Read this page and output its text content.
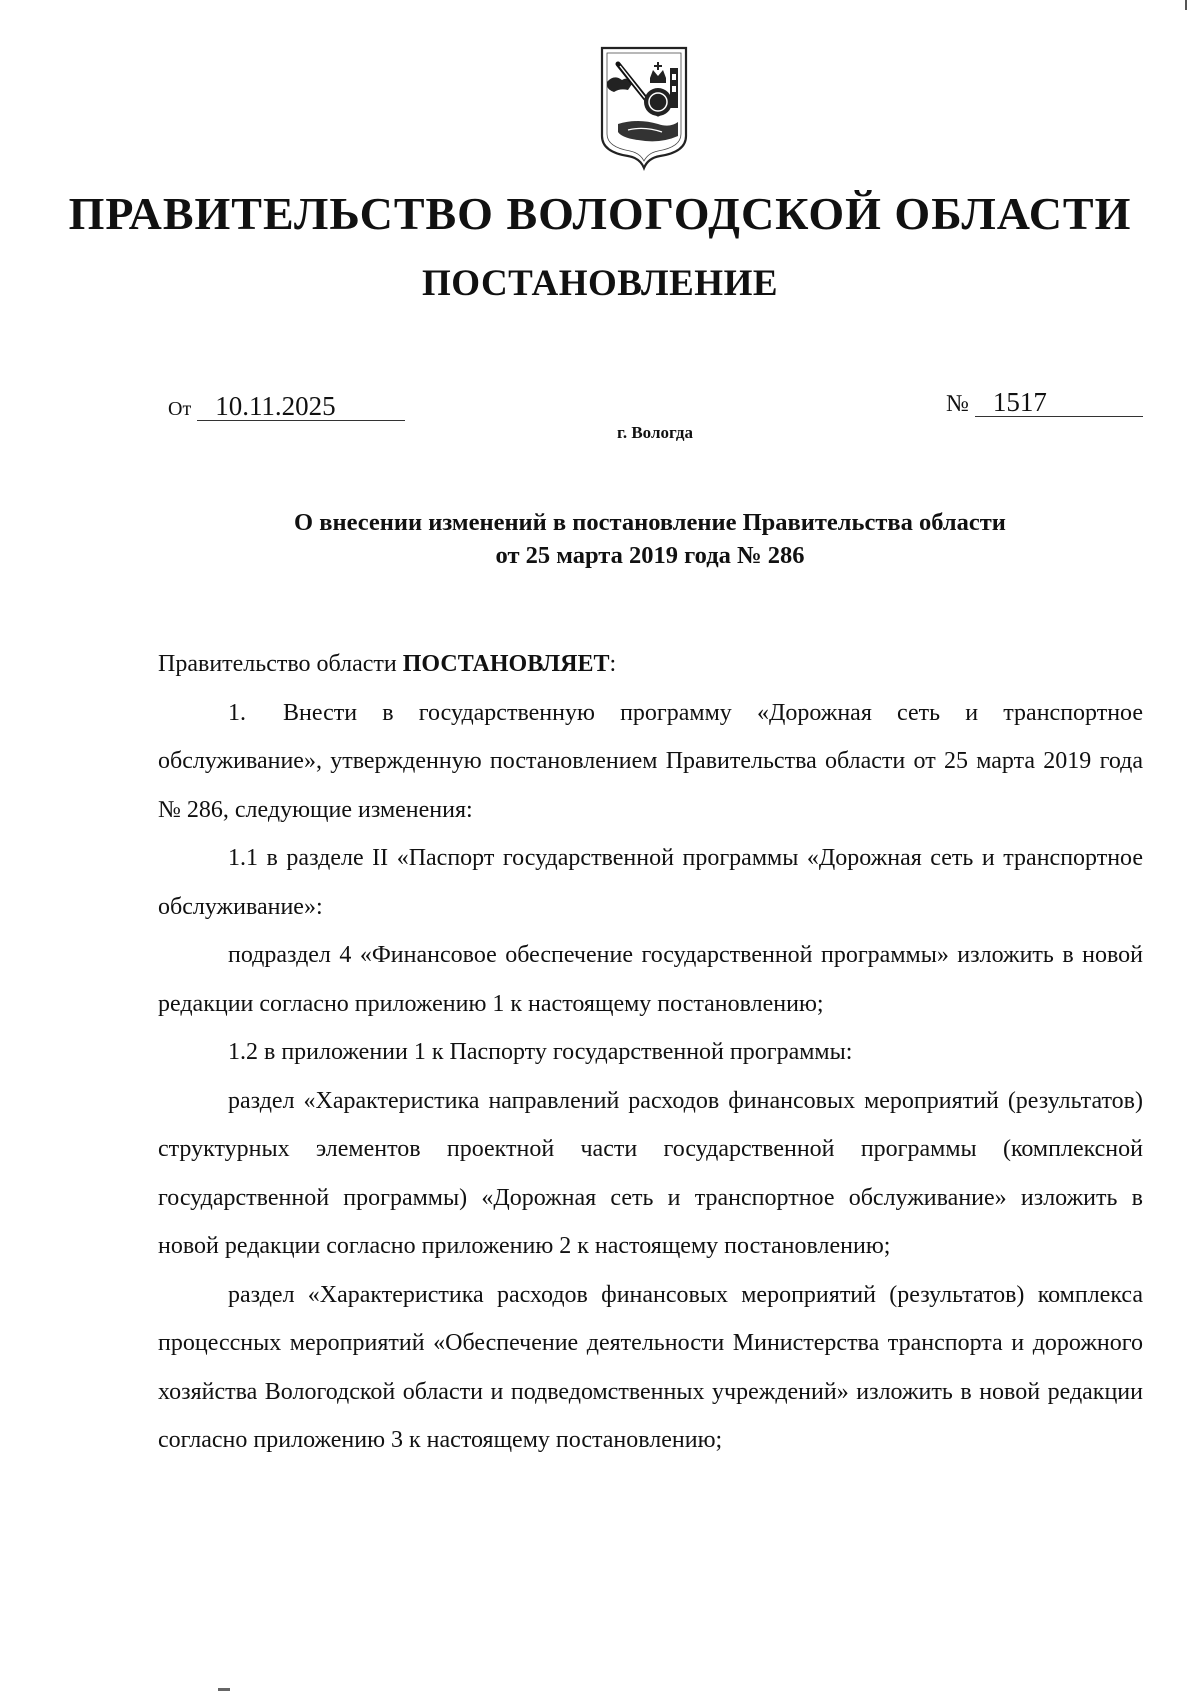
ПРАВИТЕЛЬСТВО ВОЛОГОДСКОЙ ОБЛАСТИ
ПОСТАНОВЛЕНИЕ
От 10.11.2025	№ 1517
г. Вологда
О внесении изменений в постановление Правительства области
от 25 марта 2019 года № 286

Правительство области ПОСТАНОВЛЯЕТ:

1. Внести в государственную программу «Дорожная сеть и транспортное обслуживание», утвержденную постановлением Правительства области от 25 марта 2019 года № 286, следующие изменения:

1.1 в разделе II «Паспорт государственной программы «Дорожная сеть и транспортное обслуживание»:

подраздел 4 «Финансовое обеспечение государственной программы» изложить в новой редакции согласно приложению 1 к настоящему постановлению;

1.2 в приложении 1 к Паспорту государственной программы:

раздел «Характеристика направлений расходов финансовых мероприятий (результатов) структурных элементов проектной части государственной программы (комплексной государственной программы) «Дорожная сеть и транспортное обслуживание» изложить в новой редакции согласно приложению 2 к настоящему постановлению;

раздел «Характеристика расходов финансовых мероприятий (результатов) комплекса процессных мероприятий «Обеспечение деятельности Министерства транспорта и дорожного хозяйства Вологодской области и подведомственных учреждений» изложить в новой редакции согласно приложению 3 к настоящему постановлению;
